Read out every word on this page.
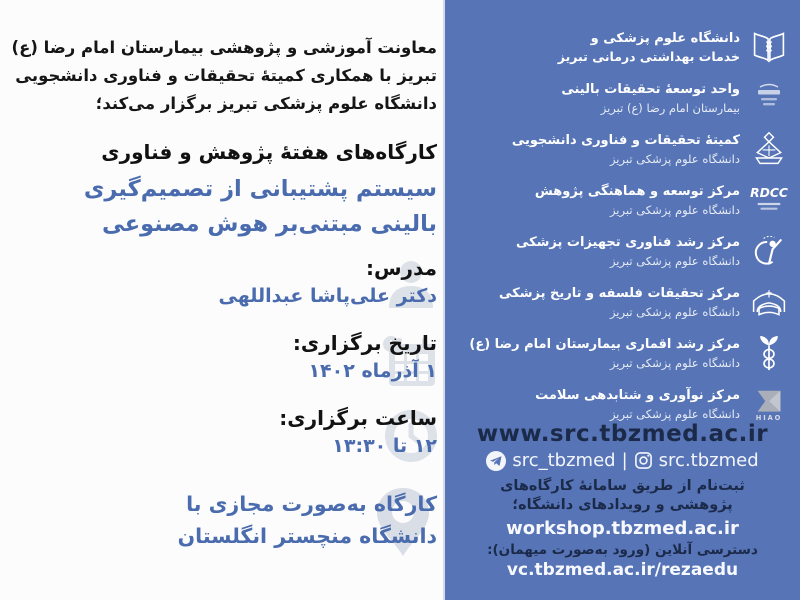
معاونت آموزشی و پژوهشی بیمارستان امام رضا (ع)
تبریز با همکاری کمیتهٔ تحقیقات و فناوری دانشجویی
دانشگاه علوم پزشکی تبریز برگزار می‌کند؛
کارگاه‌های هفتهٔ پژوهش و فناوری
سیستم پشتیبانی از تصمیم‌گیری
بالینی مبتنی‌بر هوش مصنوعی
مدرس:
دکتر علی‌پاشا عبداللهی
تاریخ برگزاری:
۱ آذرماه ۱۴۰۲
ساعت برگزاری:
۱۲ تا ۱۳:۳۰
کارگاه به‌صورت مجازی با
دانشگاه منچستر انگلستان
دانشگاه علوم پزشکی و
خدمات بهداشتی درمانی تبریز
واحد توسعهٔ تحقیقات بالینی
بیمارستان امام رضا (ع) تبریز
کمیتهٔ تحقیقات و فناوری دانشجویی
دانشگاه علوم پزشکی تبریز
RDCC
مرکز توسعه و هماهنگی پژوهش
دانشگاه علوم پزشکی تبریز
مرکز رشد فناوری تجهیزات پزشکی
دانشگاه علوم پزشکی تبریز
مرکز تحقیقات فلسفه و تاریخ پزشکی
دانشگاه علوم پزشکی تبریز
مرکز رشد اقماری بیمارستان امام رضا (ع)
دانشگاه علوم پزشکی تبریز
HIAO
مرکز نوآوری و شتابدهی سلامت
دانشگاه علوم پزشکی تبریز
www.src.tbzmed.ac.ir
src_tbzmed | src.tbzmed
ثبت‌نام از طریق سامانهٔ کارگاه‌های
پژوهشی و رویدادهای دانشگاه؛
workshop.tbzmed.ac.ir
دسترسی آنلاین (ورود به‌صورت میهمان):
vc.tbzmed.ac.ir/rezaedu
